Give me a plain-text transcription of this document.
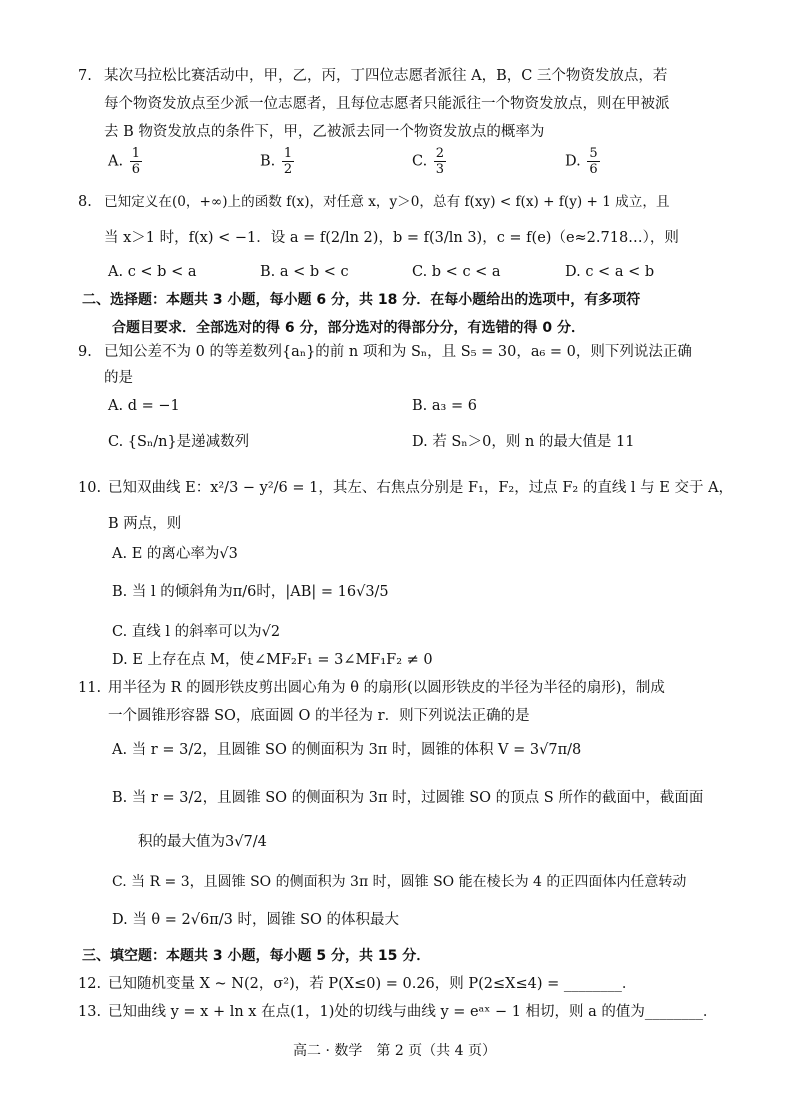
7. 某次马拉松比赛活动中，甲，乙，丙，丁四位志愿者派往 A，B，C 三个物资发放点，若
每个物资发放点至少派一位志愿者，且每位志愿者只能派往一个物资发放点，则在甲被派
去 B 物资发放点的条件下，甲，乙被派去同一个物资发放点的概率为
A. $\frac{1}{6}$	B. $\frac{1}{2}$	C. $\frac{2}{3}$	D. $\frac{5}{6}$
8. 已知定义在(0，+∞)上的函数 f(x)，对任意 x，y＞0，总有 f(xy) < f(x) + f(y) + 1 成立，且
当 x＞1 时，f(x) < −1．设 a = f(2/ln 2)，b = f(3/ln 3)，c = f(e)（e≈2.718…），则
A. c < b < a	B. a < b < c	C. b < c < a	D. c < a < b
二、选择题：本题共 3 小题，每小题 6 分，共 18 分．在每小题给出的选项中，有多项符
合题目要求．全部选对的得 6 分，部分选对的得部分分，有选错的得 0 分．
9. 已知公差不为 0 的等差数列{aₙ}的前 n 项和为 Sₙ，且 S₅ = 30，a₆ = 0，则下列说法正确
的是
A. d = −1	B. a₃ = 6
C. {Sₙ/n}是递减数列	D. 若 Sₙ＞0，则 n 的最大值是 11
10. 已知双曲线 E：x²/3 − y²/6 = 1，其左、右焦点分别是 F₁，F₂，过点 F₂ 的直线 l 与 E 交于 A，
B 两点，则
A. E 的离心率为√3
B. 当 l 的倾斜角为π/6时，|AB| = 16√3/5
C. 直线 l 的斜率可以为√2
D. E 上存在点 M，使∠MF₂F₁ = 3∠MF₁F₂ ≠ 0
11. 用半径为 R 的圆形铁皮剪出圆心角为 θ 的扇形(以圆形铁皮的半径为半径的扇形)，制成
一个圆锥形容器 SO，底面圆 O 的半径为 r．则下列说法正确的是
A. 当 r = 3/2，且圆锥 SO 的侧面积为 3π 时，圆锥的体积 V = 3√7π/8
B. 当 r = 3/2，且圆锥 SO 的侧面积为 3π 时，过圆锥 SO 的顶点 S 所作的截面中，截面面
积的最大值为3√7/4
C. 当 R = 3，且圆锥 SO 的侧面积为 3π 时，圆锥 SO 能在棱长为 4 的正四面体内任意转动
D. 当 θ = 2√6π/3 时，圆锥 SO 的体积最大
三、填空题：本题共 3 小题，每小题 5 分，共 15 分．
12. 已知随机变量 X ~ N(2，σ²)，若 P(X≤0) = 0.26，则 P(2≤X≤4) = ________．
13. 已知曲线 y = x + ln x 在点(1，1)处的切线与曲线 y = eᵃˣ − 1 相切，则 a 的值为________．
高二 · 数学　第 2 页（共 4 页）
